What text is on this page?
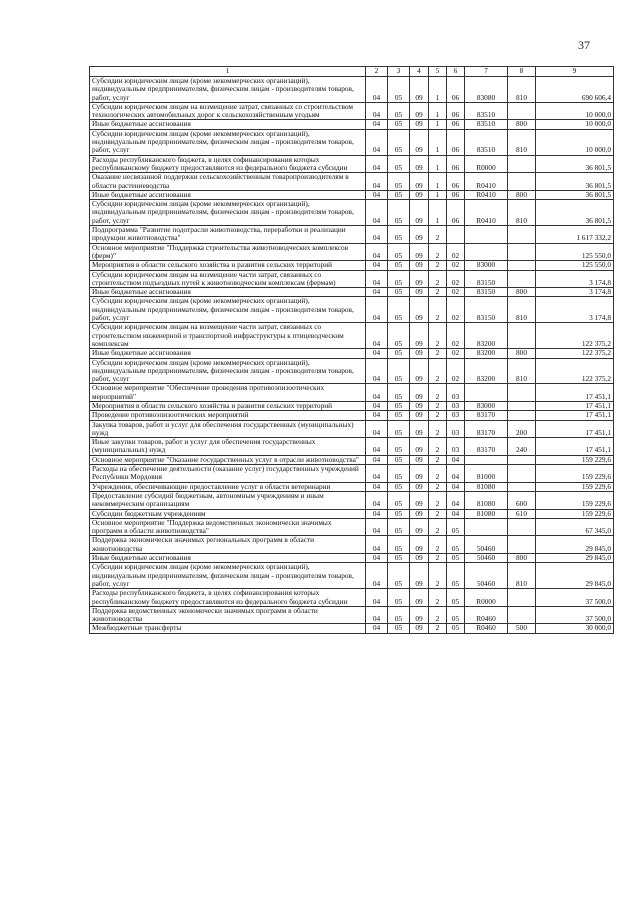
37
1	2	3	4	5	6	7	8	9
Субсидии юридическим лицам (кроме некоммерческих организаций), индивидуальным предпринимателям, физическим лицам - производителям товаров, работ, услуг	04	05	09	1	06	83080	810	690 606,4
Субсидии юридическим лицам на возмещение затрат, связанных со строительством технологических автомобильных дорог к сельскохозяйственным угодьям	04	05	09	1	06	83510		10 000,0
Иные бюджетные ассигнования	04	05	09	1	06	83510	800	10 000,0
Субсидии юридическим лицам (кроме некоммерческих организаций), индивидуальным предпринимателям, физическим лицам - производителям товаров, работ, услуг	04	05	09	1	06	83510	810	10 000,0
Расходы республиканского бюджета, в целях софинансирования которых республиканскому бюджету предоставляются из федерального бюджета субсидии	04	05	09	1	06	R0000		36 801,5
Оказание несвязанной поддержки сельскохозяйственным товаропроизводителям в области растениеводства	04	05	09	1	06	R0410		36 801,5
Иные бюджетные ассигнования	04	05	09	1	06	R0410	800	36 801,5
Субсидии юридическим лицам (кроме некоммерческих организаций), индивидуальным предпринимателям, физическим лицам - производителям товаров, работ, услуг	04	05	09	1	06	R0410	810	36 801,5
Подпрограмма "Развитие подотрасли животноводства, переработки и реализации продукции животноводства"	04	05	09	2				1 617 332,2
Основное мероприятие "Поддержка строительства животноводческих комплексов (ферм)"	04	05	09	2	02			125 550,0
Мероприятия в области сельского хозяйства и развития сельских территорий	04	05	09	2	02	83000		125 550,0
Субсидии юридическим лицам на возмещение части затрат, связанных со строительством подъездных путей к животноводческим комплексам (фермам)	04	05	09	2	02	83150		3 174,8
Иные бюджетные ассигнования	04	05	09	2	02	83150	800	3 174,8
Субсидии юридическим лицам (кроме некоммерческих организаций), индивидуальным предпринимателям, физическим лицам - производителям товаров, работ, услуг	04	05	09	2	02	83150	810	3 174,8
Субсидии юридическим лицам на возмещение части затрат, связанных со строительством инженерной и транспортной инфраструктуры к птицеводческим комплексам	04	05	09	2	02	83200		122 375,2
Иные бюджетные ассигнования	04	05	09	2	02	83200	800	122 375,2
Субсидии юридическим лицам (кроме некоммерческих организаций), индивидуальным предпринимателям, физическим лицам - производителям товаров, работ, услуг	04	05	09	2	02	83200	810	122 375,2
Основное мероприятие "Обеспечение проведения противоэпизоотических мероприятий"	04	05	09	2	03			17 451,1
Мероприятия в области сельского хозяйства и развития сельских территорий	04	05	09	2	03	83000		17 451,1
Проведение противоэпизоотических мероприятий	04	05	09	2	03	83170		17 451,1
Закупка товаров, работ и услуг для обеспечения государственных (муниципальных) нужд	04	05	09	2	03	83170	200	17 451,1
Иные закупки товаров, работ и услуг для обеспечения государственных (муниципальных) нужд	04	05	09	2	03	83170	240	17 451,1
Основное мероприятие "Оказание государственных услуг в отрасли животноводства"	04	05	09	2	04			159 229,6
Расходы на обеспечение деятельности (оказание услуг) государственных учреждений Республики Мордовия	04	05	09	2	04	81000		159 229,6
Учреждения, обеспечивающие предоставление услуг в области ветеринарии	04	05	09	2	04	81080		159 229,6
Предоставление субсидий бюджетным, автономным учреждениям и иным некоммерческим организациям	04	05	09	2	04	81080	600	159 229,6
Субсидии бюджетным учреждениям	04	05	09	2	04	81080	610	159 229,6
Основное мероприятие "Поддержка ведомственных экономически значимых программ в области животноводства"	04	05	09	2	05			67 345,0
Поддержка экономически значимых региональных программ в области животноводства	04	05	09	2	05	50460		29 845,0
Иные бюджетные ассигнования	04	05	09	2	05	50460	800	29 845,0
Субсидии юридическим лицам (кроме некоммерческих организаций), индивидуальным предпринимателям, физическим лицам - производителям товаров, работ, услуг	04	05	09	2	05	50460	810	29 845,0
Расходы республиканского бюджета, в целях софинансирования которых республиканскому бюджету предоставляются из федерального бюджета субсидии	04	05	09	2	05	R0000		37 500,0
Поддержка ведомственных экономически значимых программ в области животноводства	04	05	09	2	05	R0460		37 500,0
Межбюджетные трансферты	04	05	09	2	05	R0460	500	30 000,0
